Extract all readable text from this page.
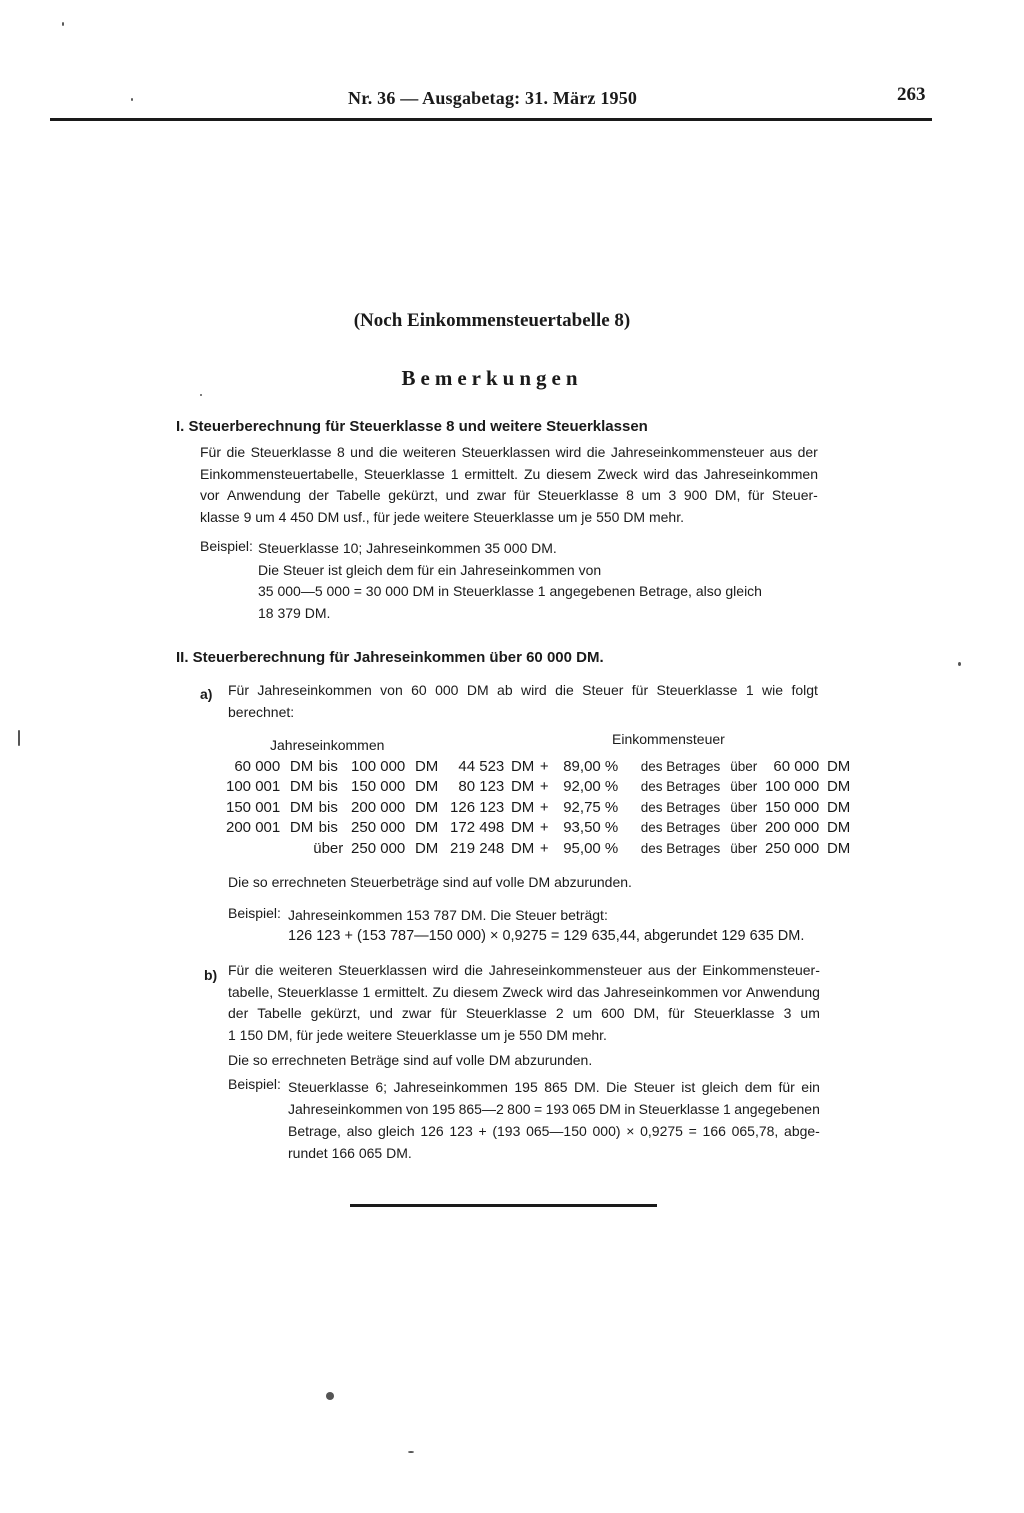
Nr. 36 — Ausgabetag: 31. März 1950	263
(Noch Einkommensteuertabelle 8)
Bemerkungen
I. Steuerberechnung für Steuerklasse 8 und weitere Steuerklassen
Für die Steuerklasse 8 und die weiteren Steuerklassen wird die Jahreseinkommensteuer aus der
Einkommensteuertabelle, Steuerklasse 1 ermittelt. Zu diesem Zweck wird das Jahreseinkommen
vor Anwendung der Tabelle gekürzt, und zwar für Steuerklasse 8 um 3 900 DM, für Steuer-
klasse 9 um 4 450 DM usf., für jede weitere Steuerklasse um je 550 DM mehr.
Beispiel: Steuerklasse 10; Jahreseinkommen 35 000 DM.
Die Steuer ist gleich dem für ein Jahreseinkommen von
35 000—5 000 = 30 000 DM in Steuerklasse 1 angegebenen Betrage, also gleich
18 379 DM.
II. Steuerberechnung für Jahreseinkommen über 60 000 DM.
a) Für Jahreseinkommen von 60 000 DM ab wird die Steuer für Steuerklasse 1 wie folgt
berechnet:
Jahreseinkommen	Einkommensteuer
60 000	DM	bis	100 000	DM	44 523	DM	+	89,00 %	des Betrages	über	60 000	DM
100 001	DM	bis	150 000	DM	80 123	DM	+	92,00 %	des Betrages	über	100 000	DM
150 001	DM	bis	200 000	DM	126 123	DM	+	92,75 %	des Betrages	über	150 000	DM
200 001	DM	bis	250 000	DM	172 498	DM	+	93,50 %	des Betrages	über	200 000	DM
		über	250 000	DM	219 248	DM	+	95,00 %	des Betrages	über	250 000	DM
Die so errechneten Steuerbeträge sind auf volle DM abzurunden.
Beispiel: Jahreseinkommen 153 787 DM. Die Steuer beträgt:
126 123 + (153 787—150 000) × 0,9275 = 129 635,44, abgerundet 129 635 DM.
b) Für die weiteren Steuerklassen wird die Jahreseinkommensteuer aus der Einkommensteuer-
tabelle, Steuerklasse 1 ermittelt. Zu diesem Zweck wird das Jahreseinkommen vor Anwendung
der Tabelle gekürzt, und zwar für Steuerklasse 2 um 600 DM, für Steuerklasse 3 um
1 150 DM, für jede weitere Steuerklasse um je 550 DM mehr.
Die so errechneten Beträge sind auf volle DM abzurunden.
Beispiel: Steuerklasse 6; Jahreseinkommen 195 865 DM. Die Steuer ist gleich dem für ein
Jahreseinkommen von 195 865—2 800 = 193 065 DM in Steuerklasse 1 angegebenen
Betrage, also gleich 126 123 + (193 065—150 000) × 0,9275 = 166 065,78, abge-
rundet 166 065 DM.
